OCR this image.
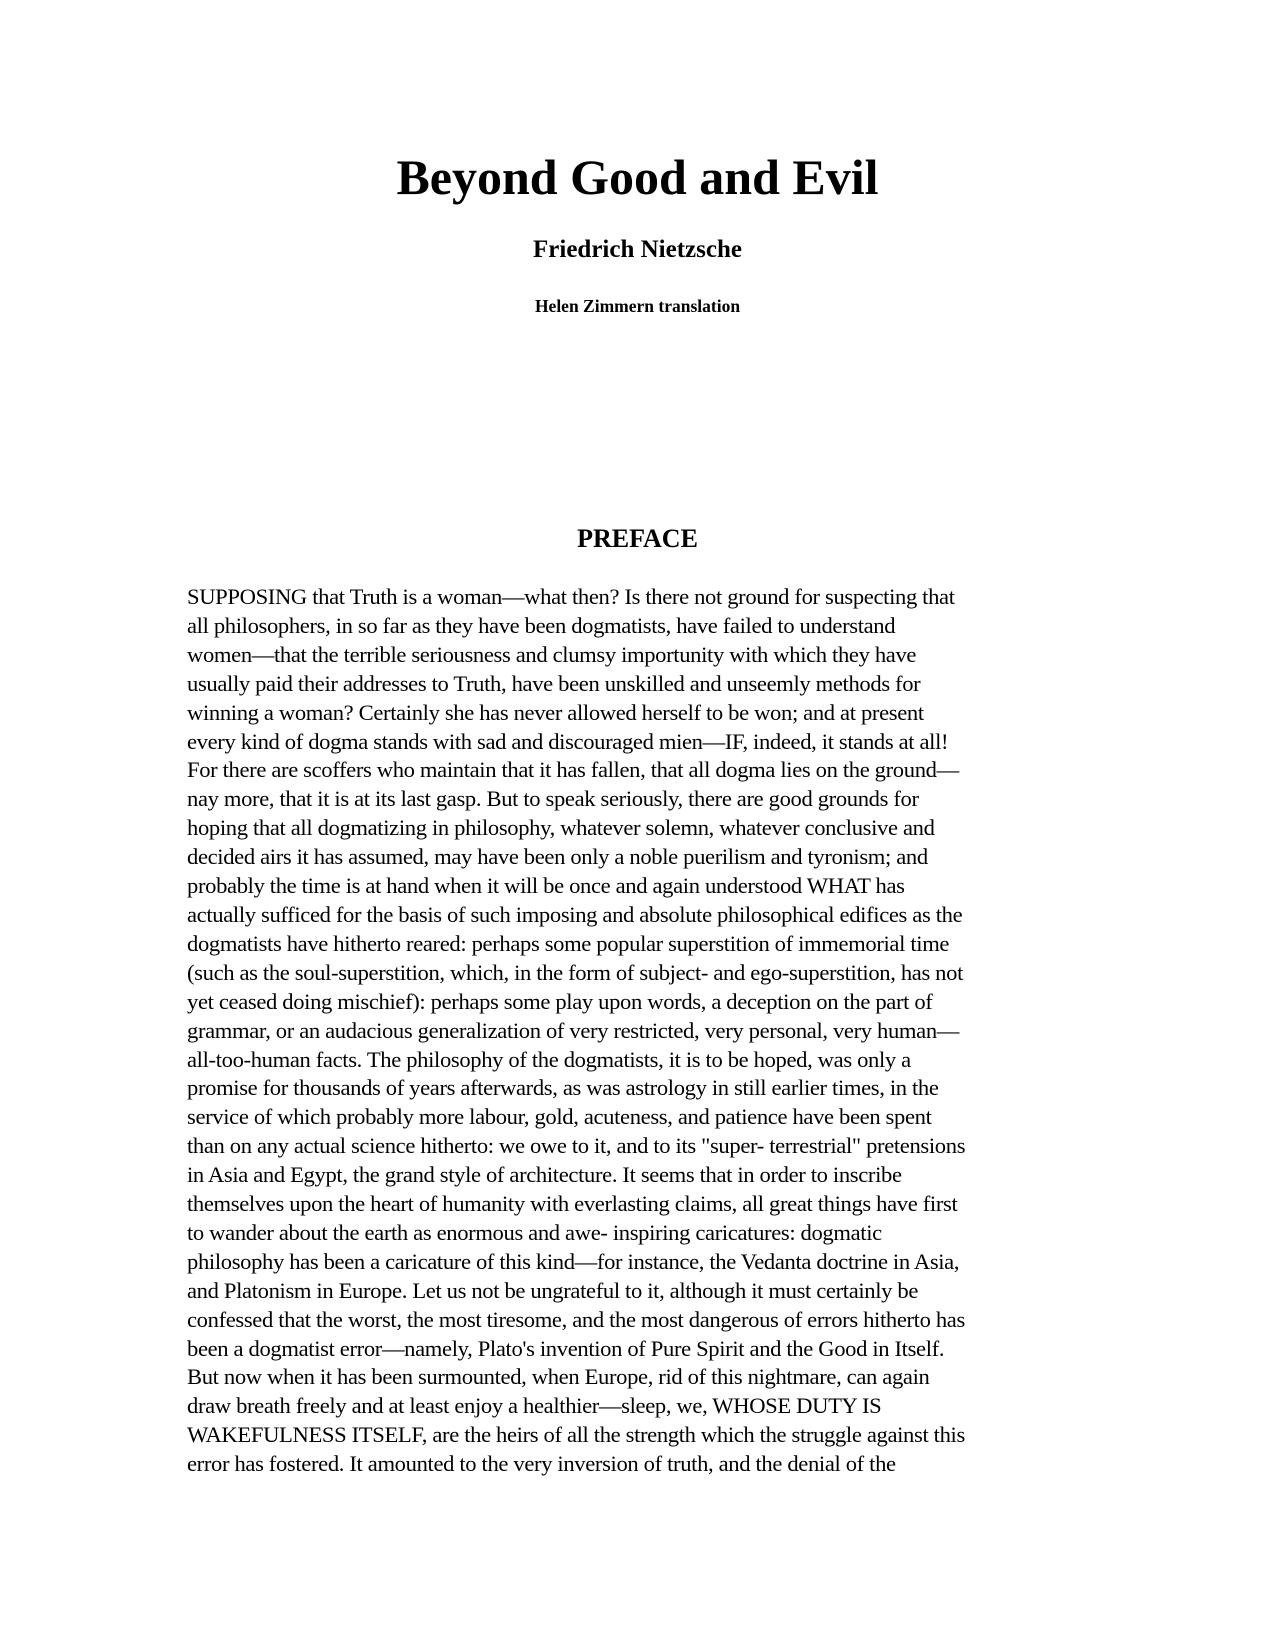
Beyond Good and Evil
Friedrich Nietzsche
Helen Zimmern translation
PREFACE
SUPPOSING that Truth is a woman—what then? Is there not ground for suspecting that
all philosophers, in so far as they have been dogmatists, have failed to understand
women—that the terrible seriousness and clumsy importunity with which they have
usually paid their addresses to Truth, have been unskilled and unseemly methods for
winning a woman? Certainly she has never allowed herself to be won; and at present
every kind of dogma stands with sad and discouraged mien—IF, indeed, it stands at all!
For there are scoffers who maintain that it has fallen, that all dogma lies on the ground—
nay more, that it is at its last gasp. But to speak seriously, there are good grounds for
hoping that all dogmatizing in philosophy, whatever solemn, whatever conclusive and
decided airs it has assumed, may have been only a noble puerilism and tyronism; and
probably the time is at hand when it will be once and again understood WHAT has
actually sufficed for the basis of such imposing and absolute philosophical edifices as the
dogmatists have hitherto reared: perhaps some popular superstition of immemorial time
(such as the soul-superstition, which, in the form of subject- and ego-superstition, has not
yet ceased doing mischief): perhaps some play upon words, a deception on the part of
grammar, or an audacious generalization of very restricted, very personal, very human—
all-too-human facts. The philosophy of the dogmatists, it is to be hoped, was only a
promise for thousands of years afterwards, as was astrology in still earlier times, in the
service of which probably more labour, gold, acuteness, and patience have been spent
than on any actual science hitherto: we owe to it, and to its "super- terrestrial" pretensions
in Asia and Egypt, the grand style of architecture. It seems that in order to inscribe
themselves upon the heart of humanity with everlasting claims, all great things have first
to wander about the earth as enormous and awe- inspiring caricatures: dogmatic
philosophy has been a caricature of this kind—for instance, the Vedanta doctrine in Asia,
and Platonism in Europe. Let us not be ungrateful to it, although it must certainly be
confessed that the worst, the most tiresome, and the most dangerous of errors hitherto has
been a dogmatist error—namely, Plato's invention of Pure Spirit and the Good in Itself.
But now when it has been surmounted, when Europe, rid of this nightmare, can again
draw breath freely and at least enjoy a healthier—sleep, we, WHOSE DUTY IS
WAKEFULNESS ITSELF, are the heirs of all the strength which the struggle against this
error has fostered. It amounted to the very inversion of truth, and the denial of the
